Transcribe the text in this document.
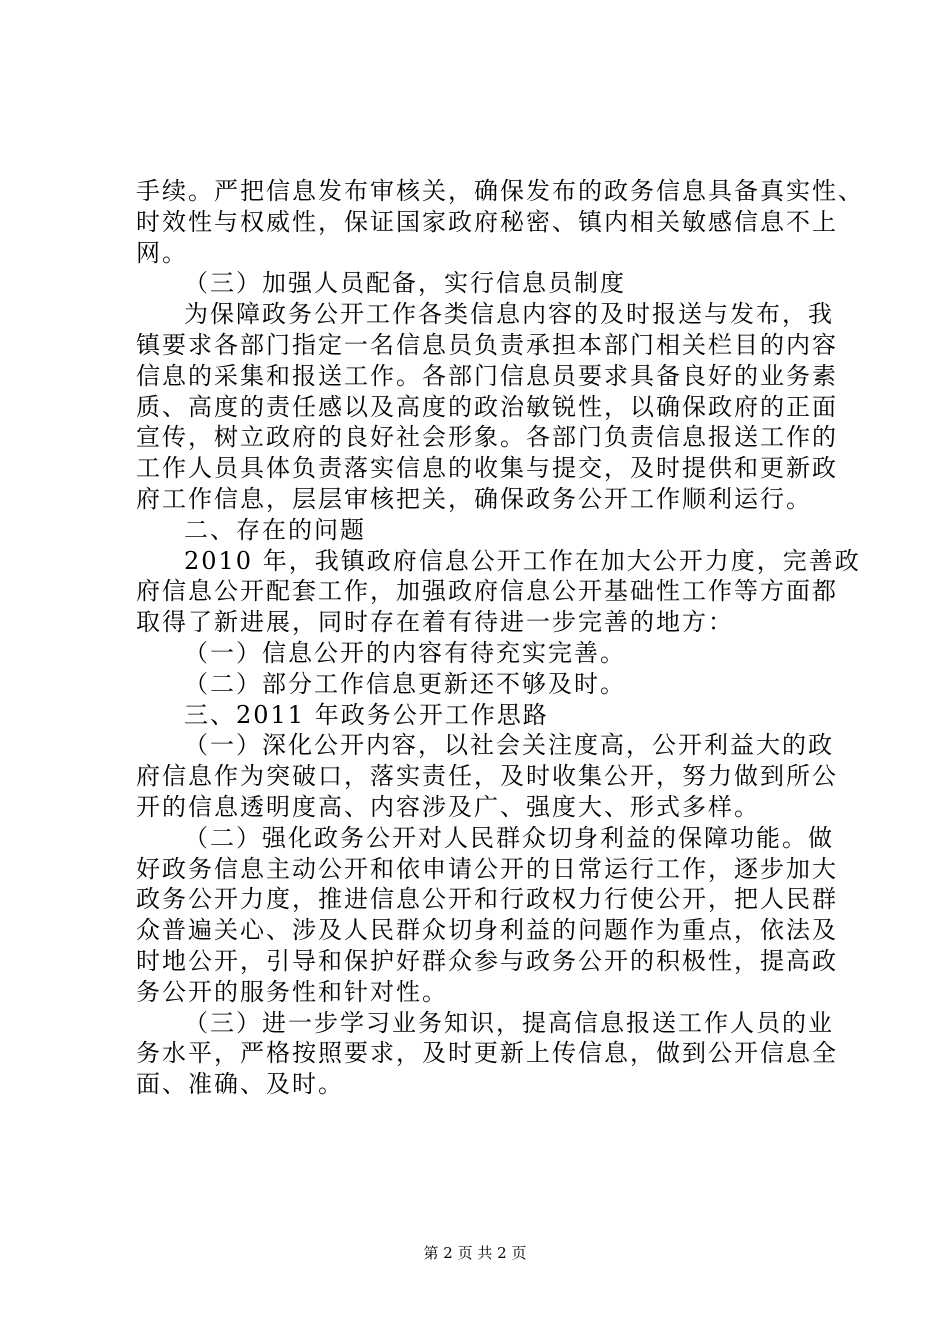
手续。严把信息发布审核关，确保发布的政务信息具备真实性、
时效性与权威性，保证国家政府秘密、镇内相关敏感信息不上
网。
（三）加强人员配备，实行信息员制度
为保障政务公开工作各类信息内容的及时报送与发布，我
镇要求各部门指定一名信息员负责承担本部门相关栏目的内容
信息的采集和报送工作。各部门信息员要求具备良好的业务素
质、高度的责任感以及高度的政治敏锐性，以确保政府的正面
宣传，树立政府的良好社会形象。各部门负责信息报送工作的
工作人员具体负责落实信息的收集与提交，及时提供和更新政
府工作信息，层层审核把关，确保政务公开工作顺利运行。
二、存在的问题
2010 年，我镇政府信息公开工作在加大公开力度，完善政
府信息公开配套工作，加强政府信息公开基础性工作等方面都
取得了新进展，同时存在着有待进一步完善的地方：
（一）信息公开的内容有待充实完善。
（二）部分工作信息更新还不够及时。
三、2011 年政务公开工作思路
（一）深化公开内容，以社会关注度高，公开利益大的政
府信息作为突破口，落实责任，及时收集公开，努力做到所公
开的信息透明度高、内容涉及广、强度大、形式多样。
（二）强化政务公开对人民群众切身利益的保障功能。做
好政务信息主动公开和依申请公开的日常运行工作，逐步加大
政务公开力度，推进信息公开和行政权力行使公开，把人民群
众普遍关心、涉及人民群众切身利益的问题作为重点，依法及
时地公开，引导和保护好群众参与政务公开的积极性，提高政
务公开的服务性和针对性。
（三）进一步学习业务知识，提高信息报送工作人员的业
务水平，严格按照要求，及时更新上传信息，做到公开信息全
面、准确、及时。
第 2 页 共 2 页
